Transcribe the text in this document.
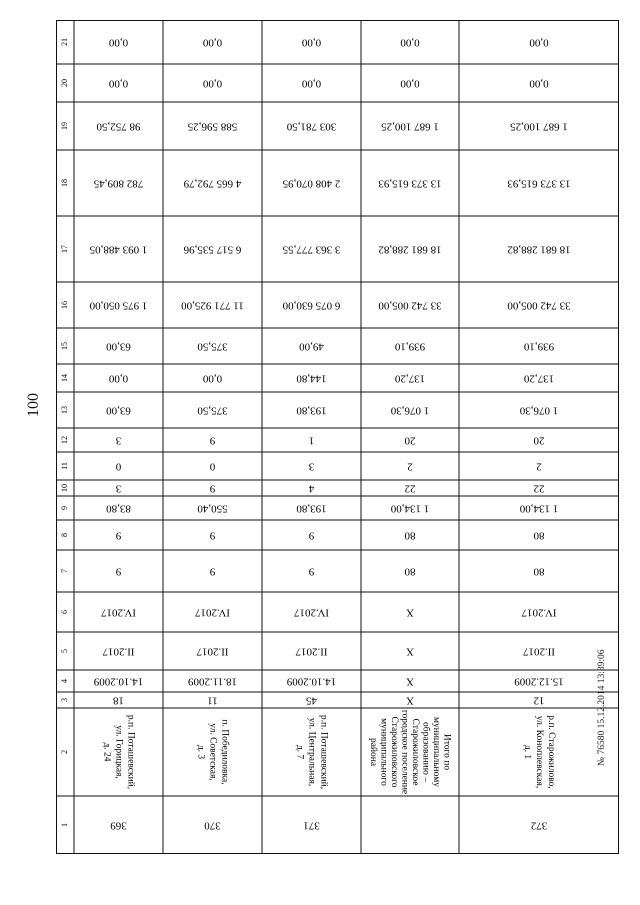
100
21
20
19
18
17
16
15
14
13
12
11
10
9
8
7
6
5
4
3
2
1
0,00
0,00
98 752,50
782 809,45
1 093 488,05
1 975 050,00
63,00
0,00
63,00
3
0
3
83,80
9
9
IV.2017
II.2017
14.10.2009
18
р.п. Поташевский,
ул. Горицкая,
д. 24
369
0,00
0,00
588 596,25
4 665 792,79
6 517 535,96
11 771 925,00
375,50
0,00
375,50
9
0
9
550,40
9
9
IV.2017
II.2017
18.11.2009
11
п. Победиловка,
ул. Советская,
д. 3
370
0,00
0,00
303 781,50
2 408 070,95
3 363 777,55
6 075 630,00
49,00
144,80
193,80
1
3
4
193,80
9
9
IV.2017
II.2017
14.10.2009
45
р.п. Поташевский,
ул. Центральная,
д. 7
371
0,00
0,00
1 687 100,25
13 373 615,93
18 681 288,82
33 742 005,00
939,10
137,20
1 076,30
20
2
22
1 134,00
80
80
X
X
X
X
Итого по
муниципальному
образованию –
Старожиловское
городское поселение
Старожиловского
муниципального
района
0,00
0,00
1 687 100,25
13 373 615,93
18 681 288,82
33 742 005,00
939,10
137,20
1 076,30
20
2
22
1 134,00
80
80
IV.2017
II.2017
15.12.2009
12
р.п. Старожилово,
ул. Коноплевская,
д. 1
372
№ 76580 15.12.2014 13:39:06
